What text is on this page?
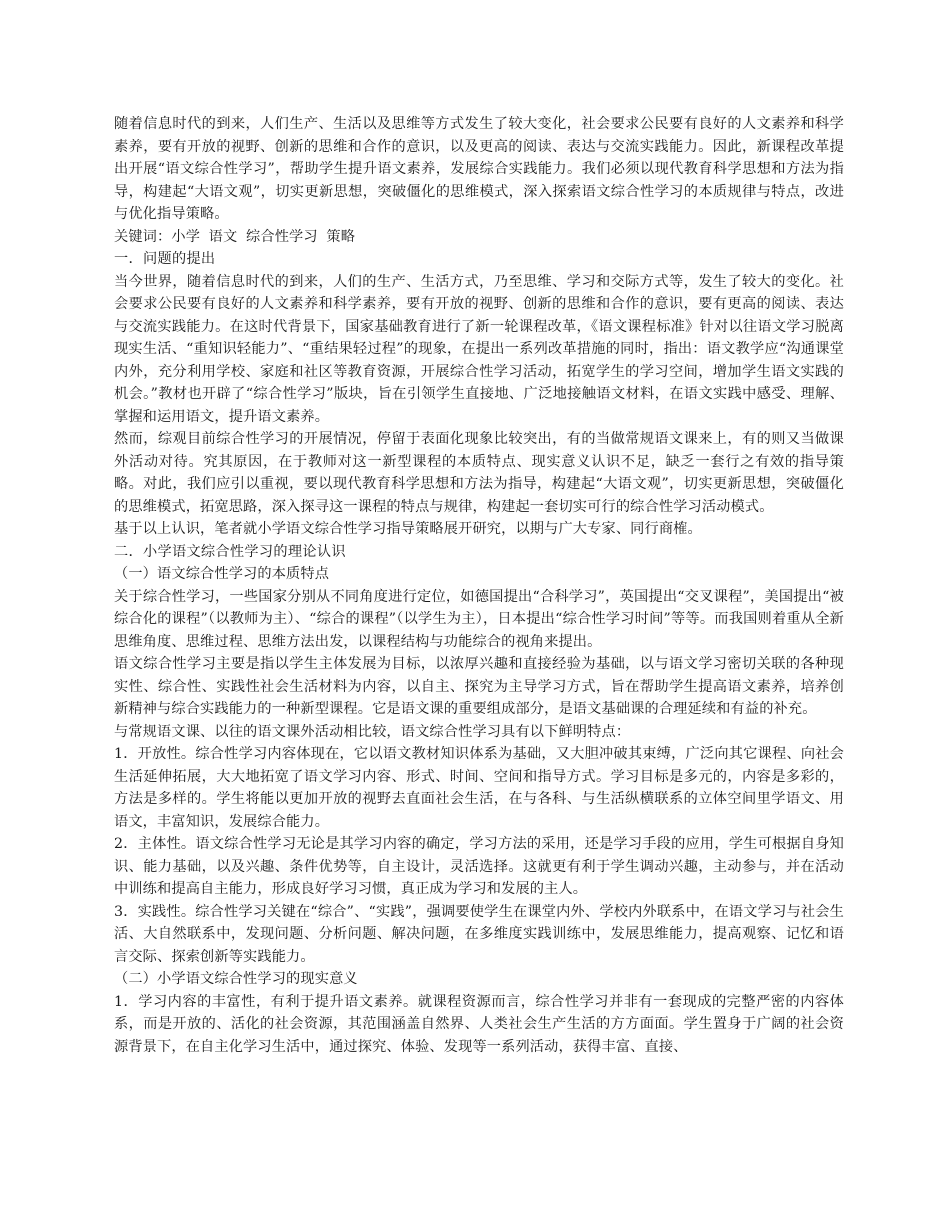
随着信息时代的到来，人们生产、生活以及思维等方式发生了较大变化，社会要求公民要有良好的人文素养和科学素养，要有开放的视野、创新的思维和合作的意识，以及更高的阅读、表达与交流实践能力。因此，新课程改革提出开展“语文综合性学习”，帮助学生提升语文素养，发展综合实践能力。我们必须以现代教育科学思想和方法为指导，构建起“大语文观”，切实更新思想，突破僵化的思维模式，深入探索语文综合性学习的本质规律与特点，改进与优化指导策略。

关键词：小学 语文 综合性学习 策略

一．问题的提出

当今世界，随着信息时代的到来，人们的生产、生活方式，乃至思维、学习和交际方式等，发生了较大的变化。社会要求公民要有良好的人文素养和科学素养，要有开放的视野、创新的思维和合作的意识，要有更高的阅读、表达与交流实践能力。在这时代背景下，国家基础教育进行了新一轮课程改革，《语文课程标准》针对以往语文学习脱离现实生活、“重知识轻能力”、“重结果轻过程”的现象，在提出一系列改革措施的同时，指出：语文教学应“沟通课堂内外，充分利用学校、家庭和社区等教育资源，开展综合性学习活动，拓宽学生的学习空间，增加学生语文实践的机会。”教材也开辟了“综合性学习”版块，旨在引领学生直接地、广泛地接触语文材料，在语文实践中感受、理解、掌握和运用语文，提升语文素养。

然而，综观目前综合性学习的开展情况，停留于表面化现象比较突出，有的当做常规语文课来上，有的则又当做课外活动对待。究其原因，在于教师对这一新型课程的本质特点、现实意义认识不足，缺乏一套行之有效的指导策略。对此，我们应引以重视，要以现代教育科学思想和方法为指导，构建起“大语文观”，切实更新思想，突破僵化的思维模式，拓宽思路，深入探寻这一课程的特点与规律，构建起一套切实可行的综合性学习活动模式。

基于以上认识，笔者就小学语文综合性学习指导策略展开研究，以期与广大专家、同行商榷。

二．小学语文综合性学习的理论认识

（一）语文综合性学习的本质特点

关于综合性学习，一些国家分别从不同角度进行定位，如德国提出“合科学习”，英国提出“交叉课程”，美国提出“被综合化的课程”（以教师为主）、“综合的课程”（以学生为主），日本提出“综合性学习时间”等等。而我国则着重从全新思维角度、思维过程、思维方法出发，以课程结构与功能综合的视角来提出。

语文综合性学习主要是指以学生主体发展为目标，以浓厚兴趣和直接经验为基础，以与语文学习密切关联的各种现实性、综合性、实践性社会生活材料为内容，以自主、探究为主导学习方式，旨在帮助学生提高语文素养，培养创新精神与综合实践能力的一种新型课程。它是语文课的重要组成部分，是语文基础课的合理延续和有益的补充。

与常规语文课、以往的语文课外活动相比较，语文综合性学习具有以下鲜明特点：

1．开放性。综合性学习内容体现在，它以语文教材知识体系为基础，又大胆冲破其束缚，广泛向其它课程、向社会生活延伸拓展，大大地拓宽了语文学习内容、形式、时间、空间和指导方式。学习目标是多元的，内容是多彩的，方法是多样的。学生将能以更加开放的视野去直面社会生活，在与各科、与生活纵横联系的立体空间里学语文、用语文，丰富知识，发展综合能力。

2．主体性。语文综合性学习无论是其学习内容的确定，学习方法的采用，还是学习手段的应用，学生可根据自身知识、能力基础，以及兴趣、条件优势等，自主设计，灵活选择。这就更有利于学生调动兴趣，主动参与，并在活动中训练和提高自主能力，形成良好学习习惯，真正成为学习和发展的主人。

3．实践性。综合性学习关键在“综合”、“实践”，强调要使学生在课堂内外、学校内外联系中，在语文学习与社会生活、大自然联系中，发现问题、分析问题、解决问题，在多维度实践训练中，发展思维能力，提高观察、记忆和语言交际、探索创新等实践能力。

（二）小学语文综合性学习的现实意义

1．学习内容的丰富性，有利于提升语文素养。就课程资源而言，综合性学习并非有一套现成的完整严密的内容体系，而是开放的、活化的社会资源，其范围涵盖自然界、人类社会生产生活的方方面面。学生置身于广阔的社会资源背景下，在自主化学习生活中，通过探究、体验、发现等一系列活动，获得丰富、直接、
